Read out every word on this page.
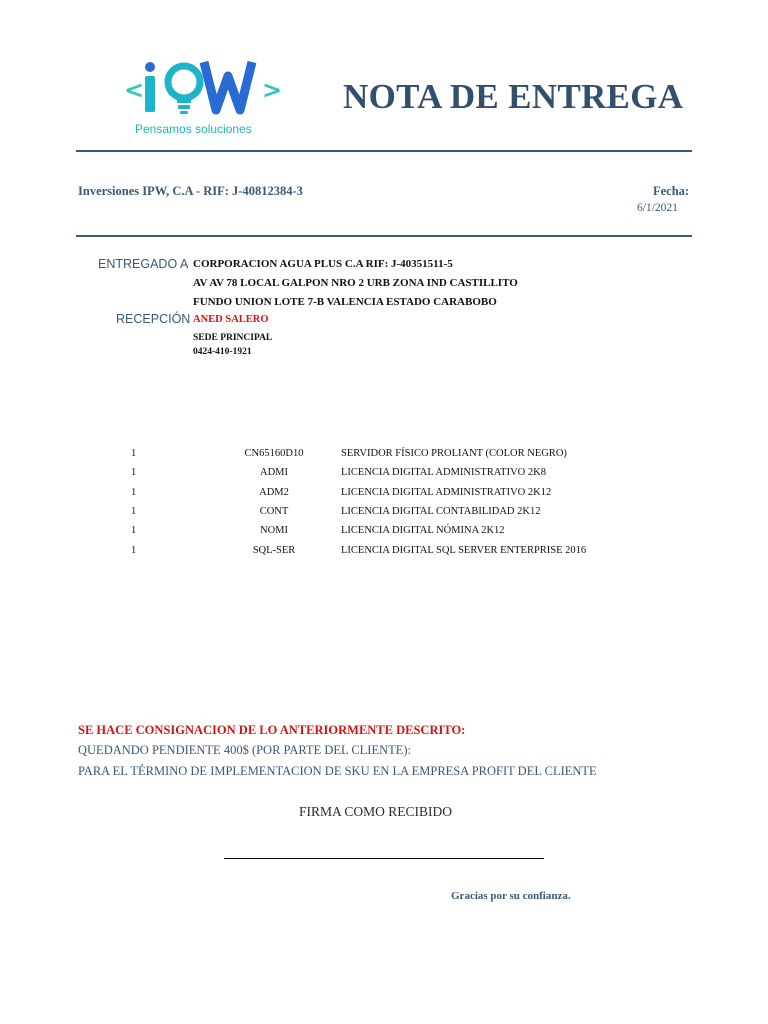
<
iPW
>
Pensamos soluciones
NOTA DE ENTREGA
Inversiones IPW, C.A - RIF: J-40812384-3	Fecha:
6/1/2021
ENTREGADO A CORPORACION AGUA PLUS C.A RIF: J-40351511-5
AV AV 78 LOCAL GALPON NRO 2 URB ZONA IND CASTILLITO
FUNDO UNION LOTE 7-B VALENCIA ESTADO CARABOBO
RECEPCIÓN ANED SALERO
SEDE PRINCIPAL
0424-410-1921
1	CN65160D10	SERVIDOR FÍSICO PROLIANT (COLOR NEGRO)
1	ADMI	LICENCIA DIGITAL ADMINISTRATIVO 2K8
1	ADM2	LICENCIA DIGITAL ADMINISTRATIVO 2K12
1	CONT	LICENCIA DIGITAL CONTABILIDAD 2K12
1	NOMI	LICENCIA DIGITAL NÓMINA 2K12
1	SQL-SER	LICENCIA DIGITAL SQL SERVER ENTERPRISE 2016
SE HACE CONSIGNACION DE LO ANTERIORMENTE DESCRITO:
QUEDANDO PENDIENTE 400$ (POR PARTE DEL CLIENTE):
PARA EL TÉRMINO DE IMPLEMENTACION DE SKU EN LA EMPRESA PROFIT DEL CLIENTE
FIRMA COMO RECIBIDO
Gracias por su confianza.
